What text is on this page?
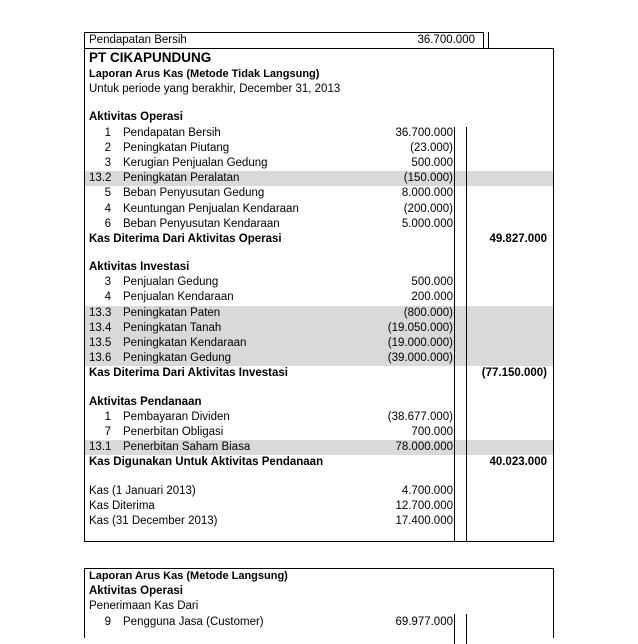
Pendapatan Bersih	36.700.000
PT CIKAPUNDUNG
Laporan Arus Kas (Metode Tidak Langsung)
Untuk periode yang berakhir, December 31, 2013
Aktivitas Operasi
1 Pendapatan Bersih	36.700.000
2 Peningkatan Piutang	(23.000)
3 Kerugian Penjualan Gedung	500.000
13.2 Peningkatan Peralatan	(150.000)
5 Beban Penyusutan Gedung	8.000.000
4 Keuntungan Penjualan Kendaraan	(200.000)
6 Beban Penyusutan Kendaraan	5.000.000
Kas Diterima Dari Aktivitas Operasi	49.827.000
Aktivitas Investasi
3 Penjualan Gedung	500.000
4 Penjualan Kendaraan	200.000
13.3 Peningkatan Paten	(800.000)
13.4 Peningkatan Tanah	(19.050.000)
13.5 Peningkatan Kendaraan	(19.000.000)
13.6 Peningkatan Gedung	(39.000.000)
Kas Diterima Dari Aktivitas Investasi	(77.150.000)
Aktivitas Pendanaan
1 Pembayaran Dividen	(38.677.000)
7 Penerbitan Obligasi	700.000
13.1 Penerbitan Saham Biasa	78.000.000
Kas Digunakan Untuk Aktivitas Pendanaan	40.023.000
Kas (1 Januari 2013)	4.700.000
Kas Diterima	12.700.000
Kas (31 December 2013)	17.400.000
Laporan Arus Kas (Metode Langsung)
Aktivitas Operasi
Penerimaan Kas Dari
9 Pengguna Jasa (Customer)	69.977.000
